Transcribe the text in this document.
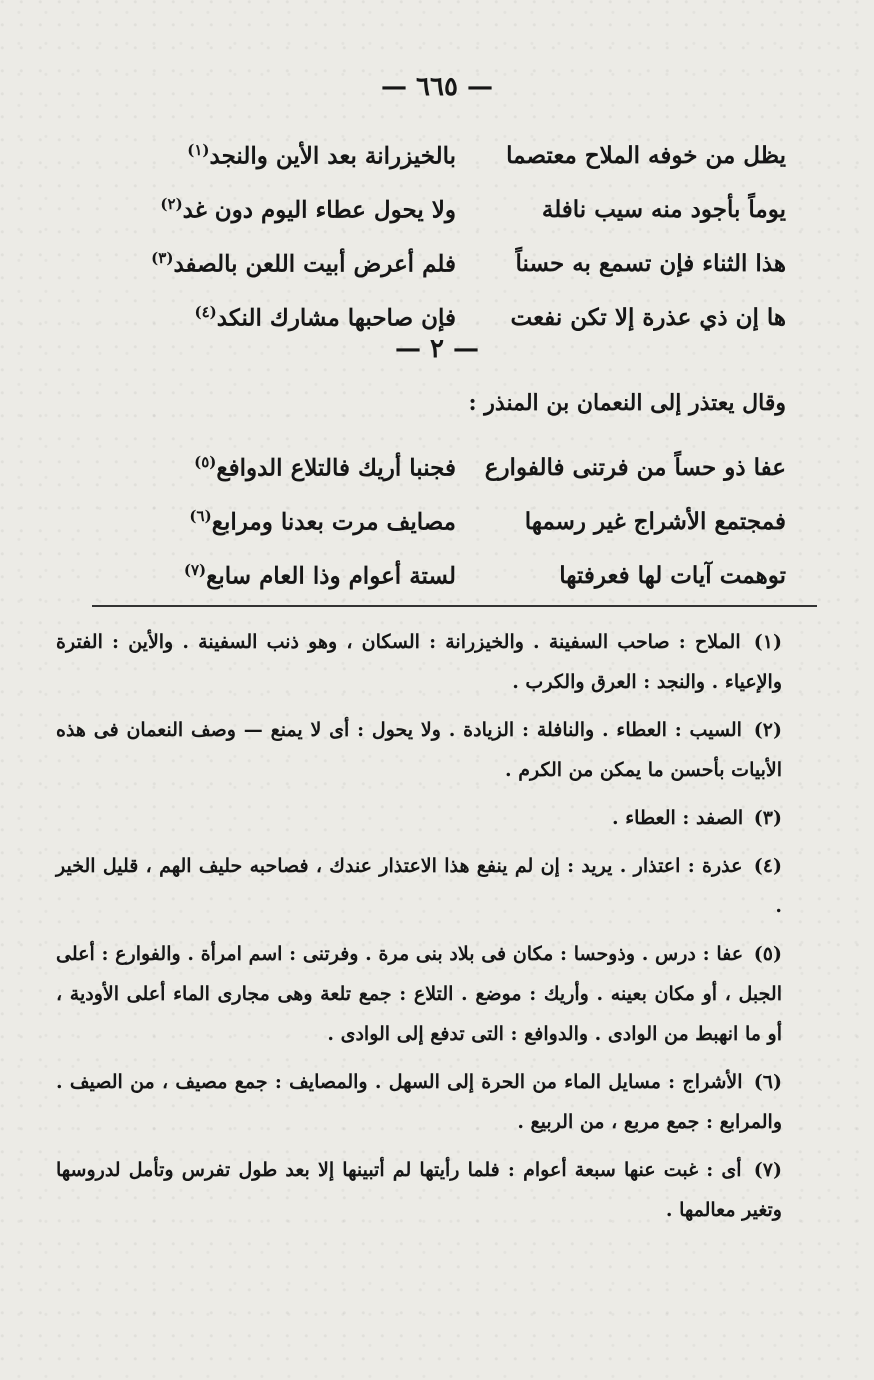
— ٦٦٥ —
يظل من خوفه الملاح معتصما
بالخيزرانة بعد الأين والنجد$^{(١)}$
يوماً بأجود منه سيب نافلة
ولا يحول عطاء اليوم دون غد$^{(٢)}$
هذا الثناء فإن تسمع به حسناً
فلم أعرض أبيت اللعن بالصفد$^{(٣)}$
ها إن ذي عذرة إلا تكن نفعت
فإن صاحبها مشارك النكد$^{(٤)}$
— ٢ —
وقال يعتذر إلى النعمان بن المنذر :
عفا ذو حساً من فرتنى فالفوارع
فجنبا أريك فالتلاع الدوافع$^{(٥)}$
فمجتمع الأشراج غير رسمها
مصايف مرت بعدنا ومرابع$^{(٦)}$
توهمت آيات لها فعرفتها
لستة أعوام وذا العام سابع$^{(٧)}$
(١) الملاح : صاحب السفينة . والخيزرانة : السكان ، وهو ذنب السفينة . والأين : الفترة والإعياء . والنجد : العرق والكرب .
(٢) السيب : العطاء . والنافلة : الزيادة . ولا يحول : أى لا يمنع — وصف النعمان فى هذه الأبيات بأحسن ما يمكن من الكرم .
(٣) الصفد : العطاء .
(٤) عذرة : اعتذار . يريد : إن لم ينفع هذا الاعتذار عندك ، فصاحبه حليف الهم ، قليل الخير .
(٥) عفا : درس . وذوحسا : مكان فى بلاد بنى مرة . وفرتنى : اسم امرأة . والفوارع : أعلى الجبل ، أو مكان بعينه . وأريك : موضع . التلاع : جمع تلعة وهى مجارى الماء أعلى الأودية ، أو ما انهبط من الوادى . والدوافع : التى تدفع إلى الوادى .
(٦) الأشراج : مسايل الماء من الحرة إلى السهل . والمصايف : جمع مصيف ، من الصيف . والمرابع : جمع مربع ، من الربيع .
(٧) أى : غبت عنها سبعة أعوام : فلما رأيتها لم أتبينها إلا بعد طول تفرس وتأمل لدروسها وتغير معالمها .
